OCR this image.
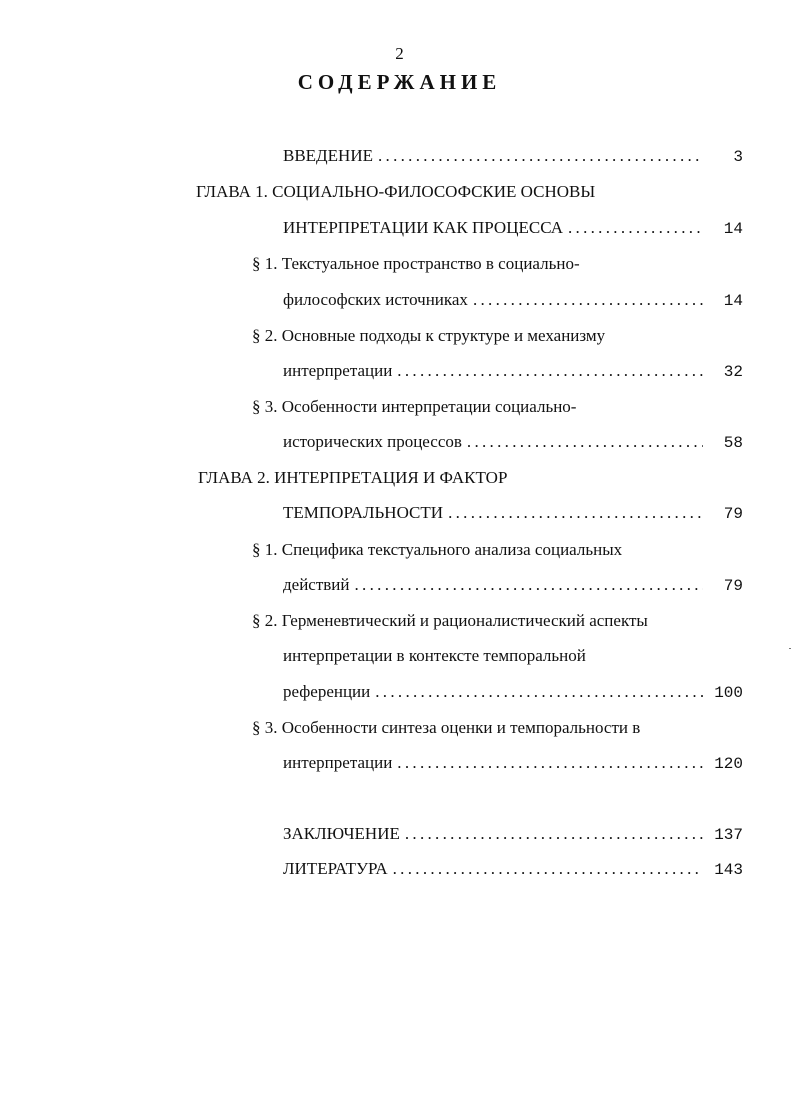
2
СОДЕРЖАНИЕ
ВВЕДЕНИЕ .....	3
ГЛАВА 1. СОЦИАЛЬНО-ФИЛОСОФСКИЕ ОСНОВЫ
ИНТЕРПРЕТАЦИИ КАК ПРОЦЕССА .....	14
§ 1. Текстуальное пространство в социально-
философских источниках .....	14
§ 2. Основные подходы к структуре и механизму
интерпретации .....	32
§ 3. Особенности интерпретации социально-
исторических процессов .....	58
ГЛАВА 2. ИНТЕРПРЕТАЦИЯ И ФАКТОР
ТЕМПОРАЛЬНОСТИ .....	79
§ 1. Специфика текстуального анализа социальных
действий .....	79
§ 2. Герменевтический и рационалистический аспекты
интерпретации в контексте темпоральной
референции .....	100
§ 3. Особенности синтеза оценки и темпоральности в
интерпретации .....	120
ЗАКЛЮЧЕНИЕ .....	137
ЛИТЕРАТУРА .....	143
